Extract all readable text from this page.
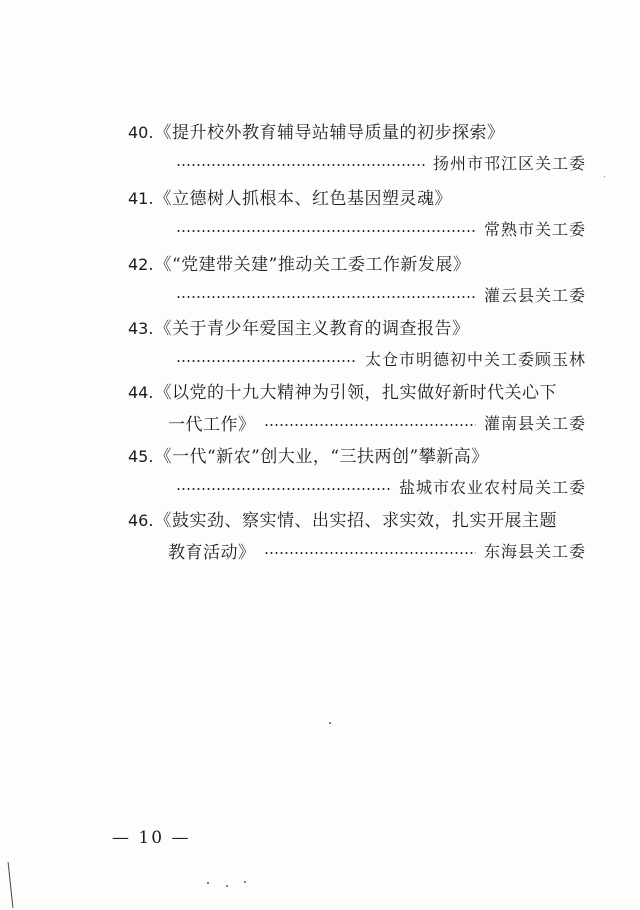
40.《提升校外教育辅导站辅导质量的初步探索》
扬州市邗江区关工委
41.《立德树人抓根本、红色基因塑灵魂》
常熟市关工委
42.《“党建带关建”推动关工委工作新发展》
灌云县关工委
43.《关于青少年爱国主义教育的调查报告》
太仓市明德初中关工委顾玉林
44.《以党的十九大精神为引领，扎实做好新时代关心下
一代工作》	灌南县关工委
45.《一代“新农”创大业，“三扶两创”攀新高》
盐城市农业农村局关工委
46.《鼓实劲、察实情、出实招、求实效，扎实开展主题
教育活动》	东海县关工委
— 10 —
